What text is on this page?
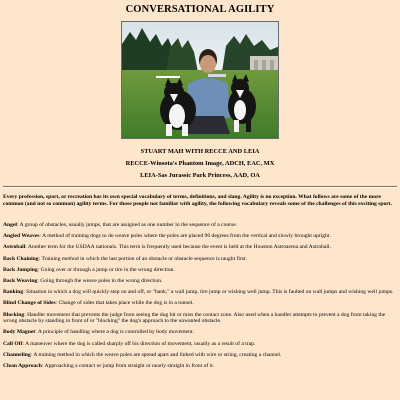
CONVERSATIONAL AGILITY

STUART MAH WITH RECCE AND LEIA

RECCE-Winsota's Phantom Image, ADCH, EAC, MX

LEIA-Sas Jurassic Park Princess, AAD, OA

Every profession, sport, or recreation has its own special vocabulary of terms, definitions, and slang. Agility is no exception. What follows are some of the more common (and not so common) agility terms. For those people not familiar with agility, the following vocabulary reveals some of the challenges of this exciting sport.

Angel: A group of obstacles, usually jumps, that are assigned as one number in the sequence of a course.

Angled Weaves: A method of training dogs to do weave poles where the poles are placed 90 degrees from the vertical and slowly brought upright.

Astroball: Another term for the USDAA nationals. This term is frequently used because the event is held at the Houston Astroarena and Astroball.

Back Chaining: Training method in which the last portion of an obstacle or obstacle sequence is taught first.

Back Jumping: Going over or through a jump or tire in the wrong direction.

Back Weaving: Going through the weave poles in the wrong direction.

Banking: Situation in which a dog will quickly step on and off, or "bank," a wall jump, tire jump or wishing well jump. This is faulted on wall jumps and wishing well jumps.

Blind Change of Sides: Change of sides that takes place while the dog is in a tunnel.

Blocking: Handler movement that prevents the judge from seeing the dog hit or miss the contact zone. Also used when a handler attempts to prevent a dog from taking the wrong obstacle by standing in front of or "blocking" the dog's approach to the unwanted obstacle.

Body Magnet: A principle of handling where a dog is controlled by body movement.

Call Off: A maneuver where the dog is called sharply off his direction of movement, usually as a result of a trap.

Channeling: A training method in which the weave poles are spread apart and linked with wire or string, creating a channel.

Clean Approach: Approaching a contact or jump from straight or nearly straight in front of it.
